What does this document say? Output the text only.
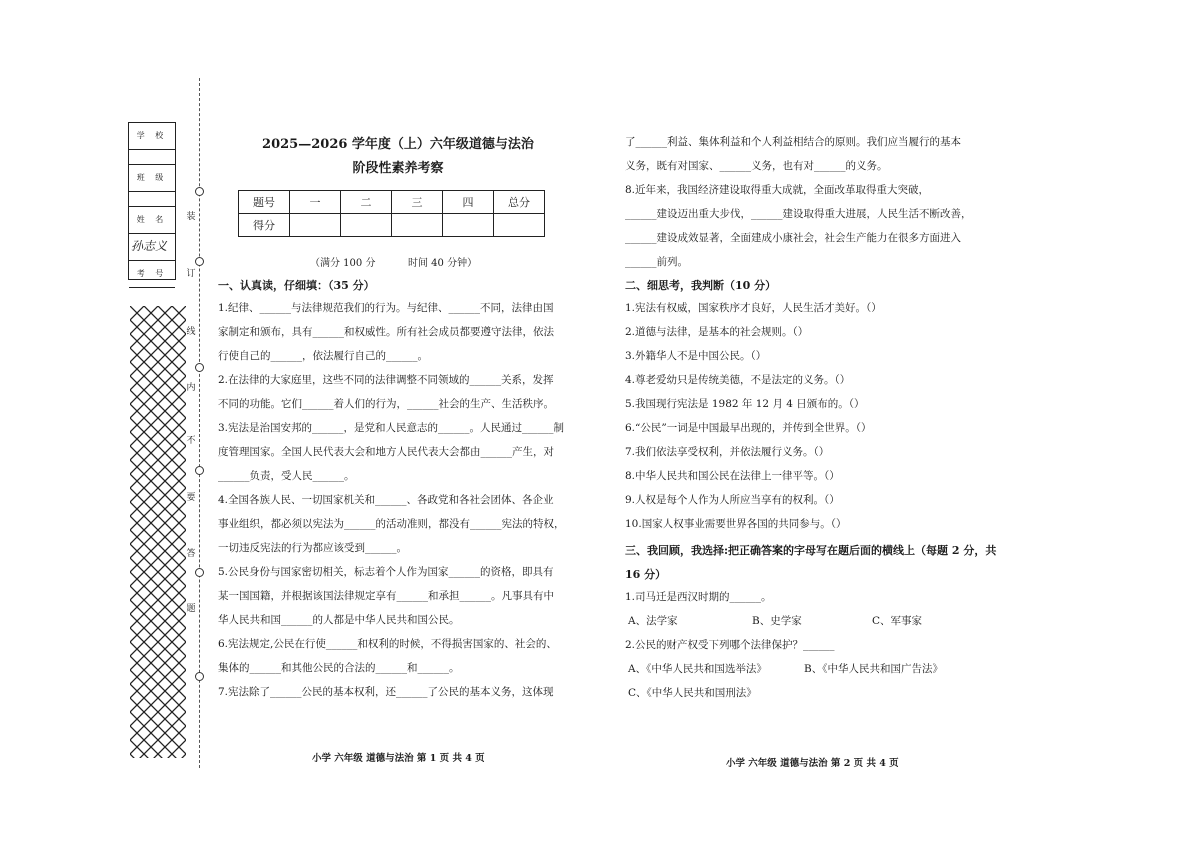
学 校
班 级
姓 名
孙志义
考 号
装
订
线
内
不
要
答
题
2025—2026 学年度（上）六年级道德与法治
阶段性素养考察
题号	一	二	三	四	总分
得分					
（满分 100 分	时间 40 分钟）
一、认真读，仔细填：（35 分）
1.纪律、______与法律规范我们的行为。与纪律、______不同，法律由国
家制定和颁布，具有______和权威性。所有社会成员都要遵守法律，依法
行使自己的______，依法履行自己的______。
2.在法律的大家庭里，这些不同的法律调整不同领域的______关系，发挥
不同的功能。它们______着人们的行为，______社会的生产、生活秩序。
3.宪法是治国安邦的______，是党和人民意志的______。人民通过______制
度管理国家。全国人民代表大会和地方人民代表大会都由______产生，对
______负责，受人民______。
4.全国各族人民、一切国家机关和______、各政党和各社会团体、各企业
事业组织，都必须以宪法为______的活动准则，都没有______宪法的特权，
一切违反宪法的行为都应该受到______。
5.公民身份与国家密切相关，标志着个人作为国家______的资格，即具有
某一国国籍，并根据该国法律规定享有______和承担______。凡事具有中
华人民共和国______的人都是中华人民共和国公民。
6.宪法规定,公民在行使______和权利的时候，不得损害国家的、社会的、
集体的______和其他公民的合法的______和______。
7.宪法除了______公民的基本权利，还______了公民的基本义务，这体现
小学 六年级 道德与法治 第 1 页 共 4 页
了______利益、集体利益和个人利益相结合的原则。我们应当履行的基本
义务，既有对国家、______义务，也有对______的义务。
8.近年来，我国经济建设取得重大成就，全面改革取得重大突破，
______建设迈出重大步伐，______建设取得重大进展，人民生活不断改善，
______建设成效显著，全面建成小康社会，社会生产能力在很多方面进入
______前列。
二、细思考，我判断（10 分）
1.宪法有权威，国家秩序才良好，人民生活才美好。（）
2.道德与法律，是基本的社会规则。（）
3.外籍华人不是中国公民。（）
4.尊老爱幼只是传统美德，不是法定的义务。（）
5.我国现行宪法是 1982 年 12 月 4 日颁布的。（）
6.“公民”一词是中国最早出现的，并传到全世界。（）
7.我们依法享受权利，并依法履行义务。（）
8.中华人民共和国公民在法律上一律平等。（）
9.人权是每个人作为人所应当享有的权利。（）
10.国家人权事业需要世界各国的共同参与。（）
三、我回顾，我选择:把正确答案的字母写在题后面的横线上（每题 2 分，共
16 分）
1.司马迁是西汉时期的______。
A、法学家	B、史学家	C、军事家
2.公民的财产权受下列哪个法律保护？______
A、《中华人民共和国选举法》	B、《中华人民共和国广告法》
C、《中华人民共和国刑法》
小学 六年级 道德与法治 第 2 页 共 4 页
